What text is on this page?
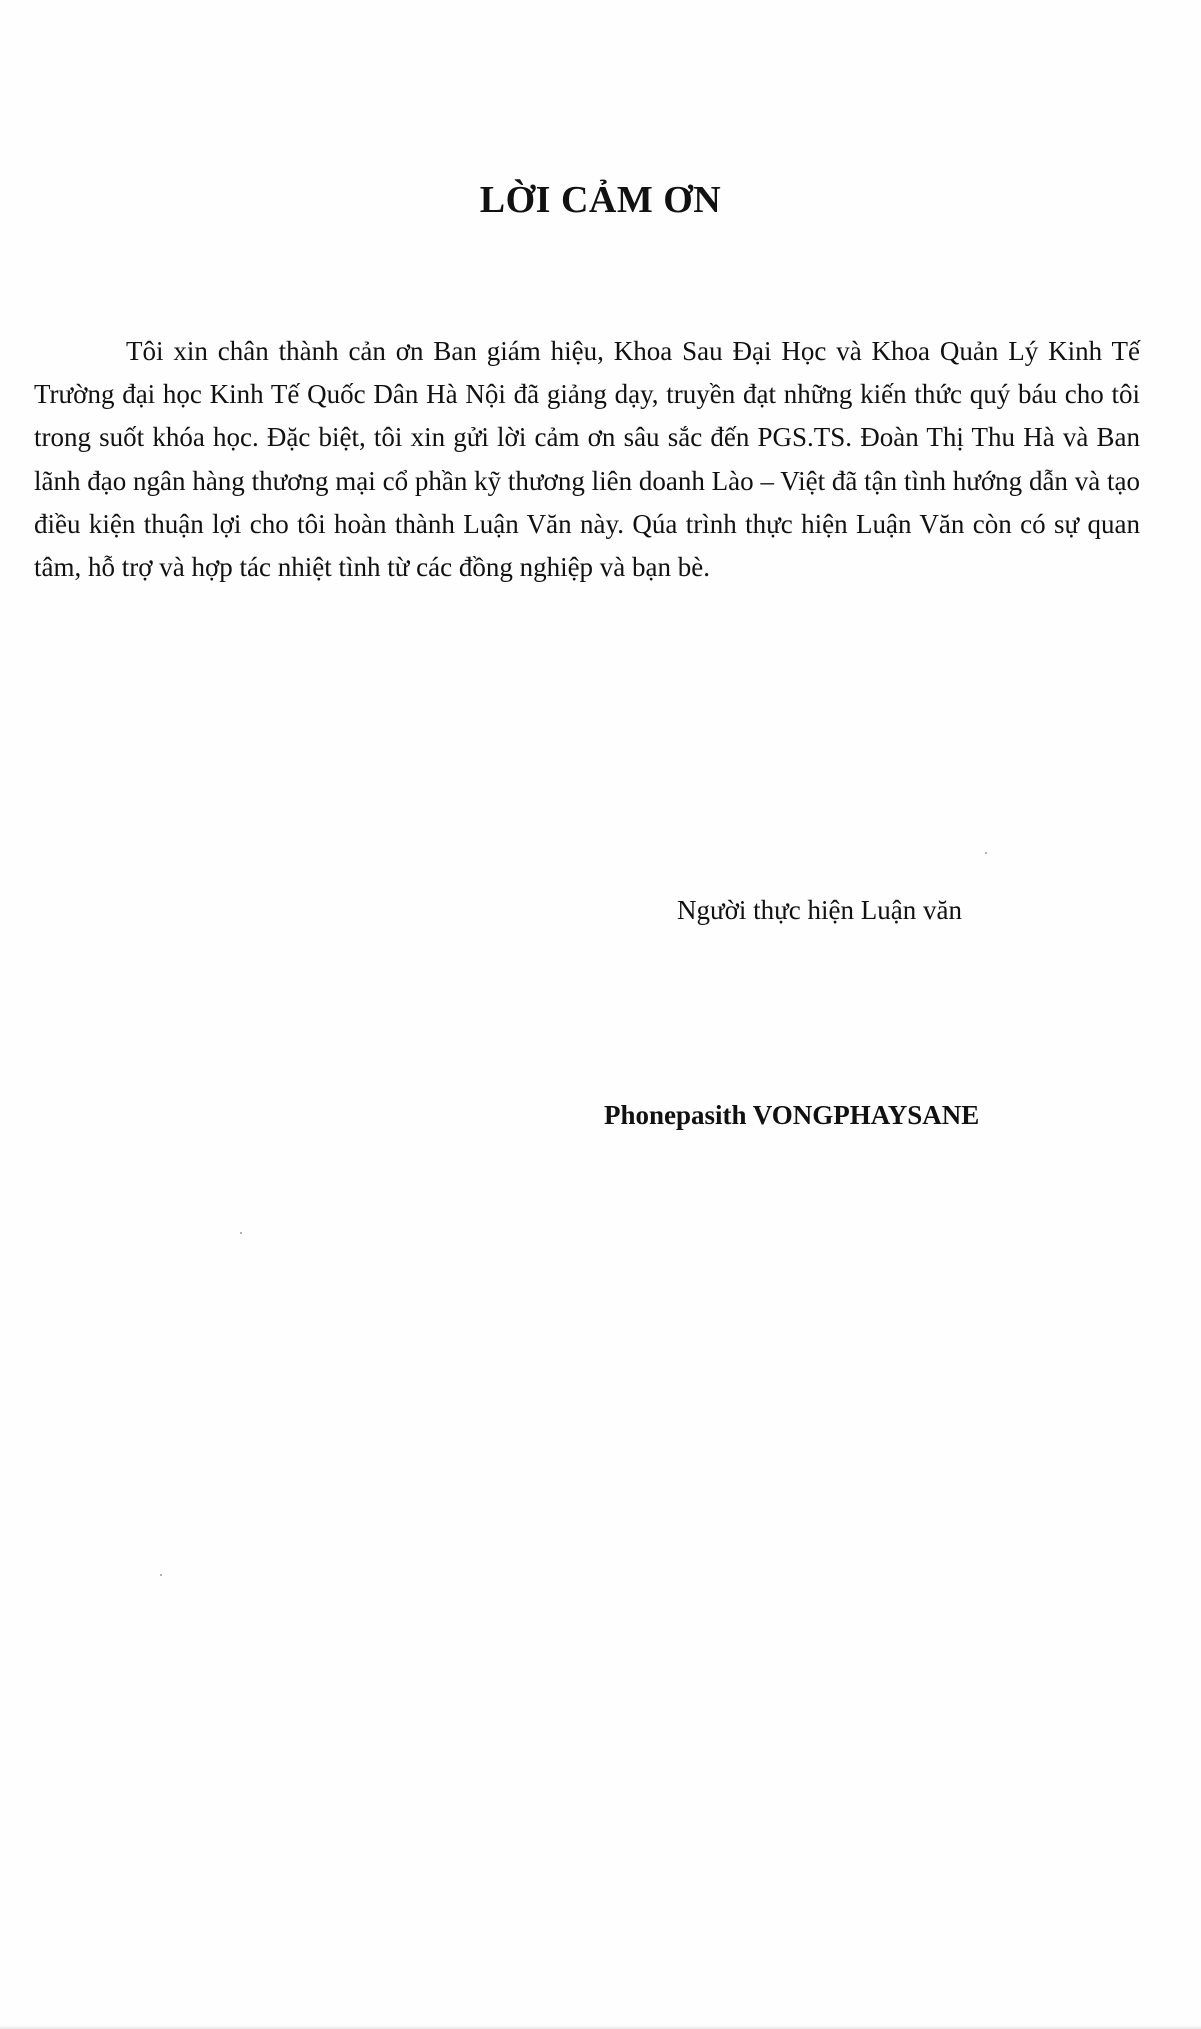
LỜI CẢM ƠN

Tôi xin chân thành cản ơn Ban giám hiệu, Khoa Sau Đại Học và Khoa Quản Lý Kinh Tế Trường đại học Kinh Tế Quốc Dân Hà Nội đã giảng dạy, truyền đạt những kiến thức quý báu cho tôi trong suốt khóa học. Đặc biệt, tôi xin gửi lời cảm ơn sâu sắc đến PGS.TS. Đoàn Thị Thu Hà và Ban lãnh đạo ngân hàng thương mại cổ phần kỹ thương liên doanh Lào – Việt đã tận tình hướng dẫn và tạo điều kiện thuận lợi cho tôi hoàn thành Luận Văn này. Qúa trình thực hiện Luận Văn còn có sự quan tâm, hỗ trợ và hợp tác nhiệt tình từ các đồng nghiệp và bạn bè.

Người thực hiện Luận văn

Phonepasith VONGPHAYSANE
